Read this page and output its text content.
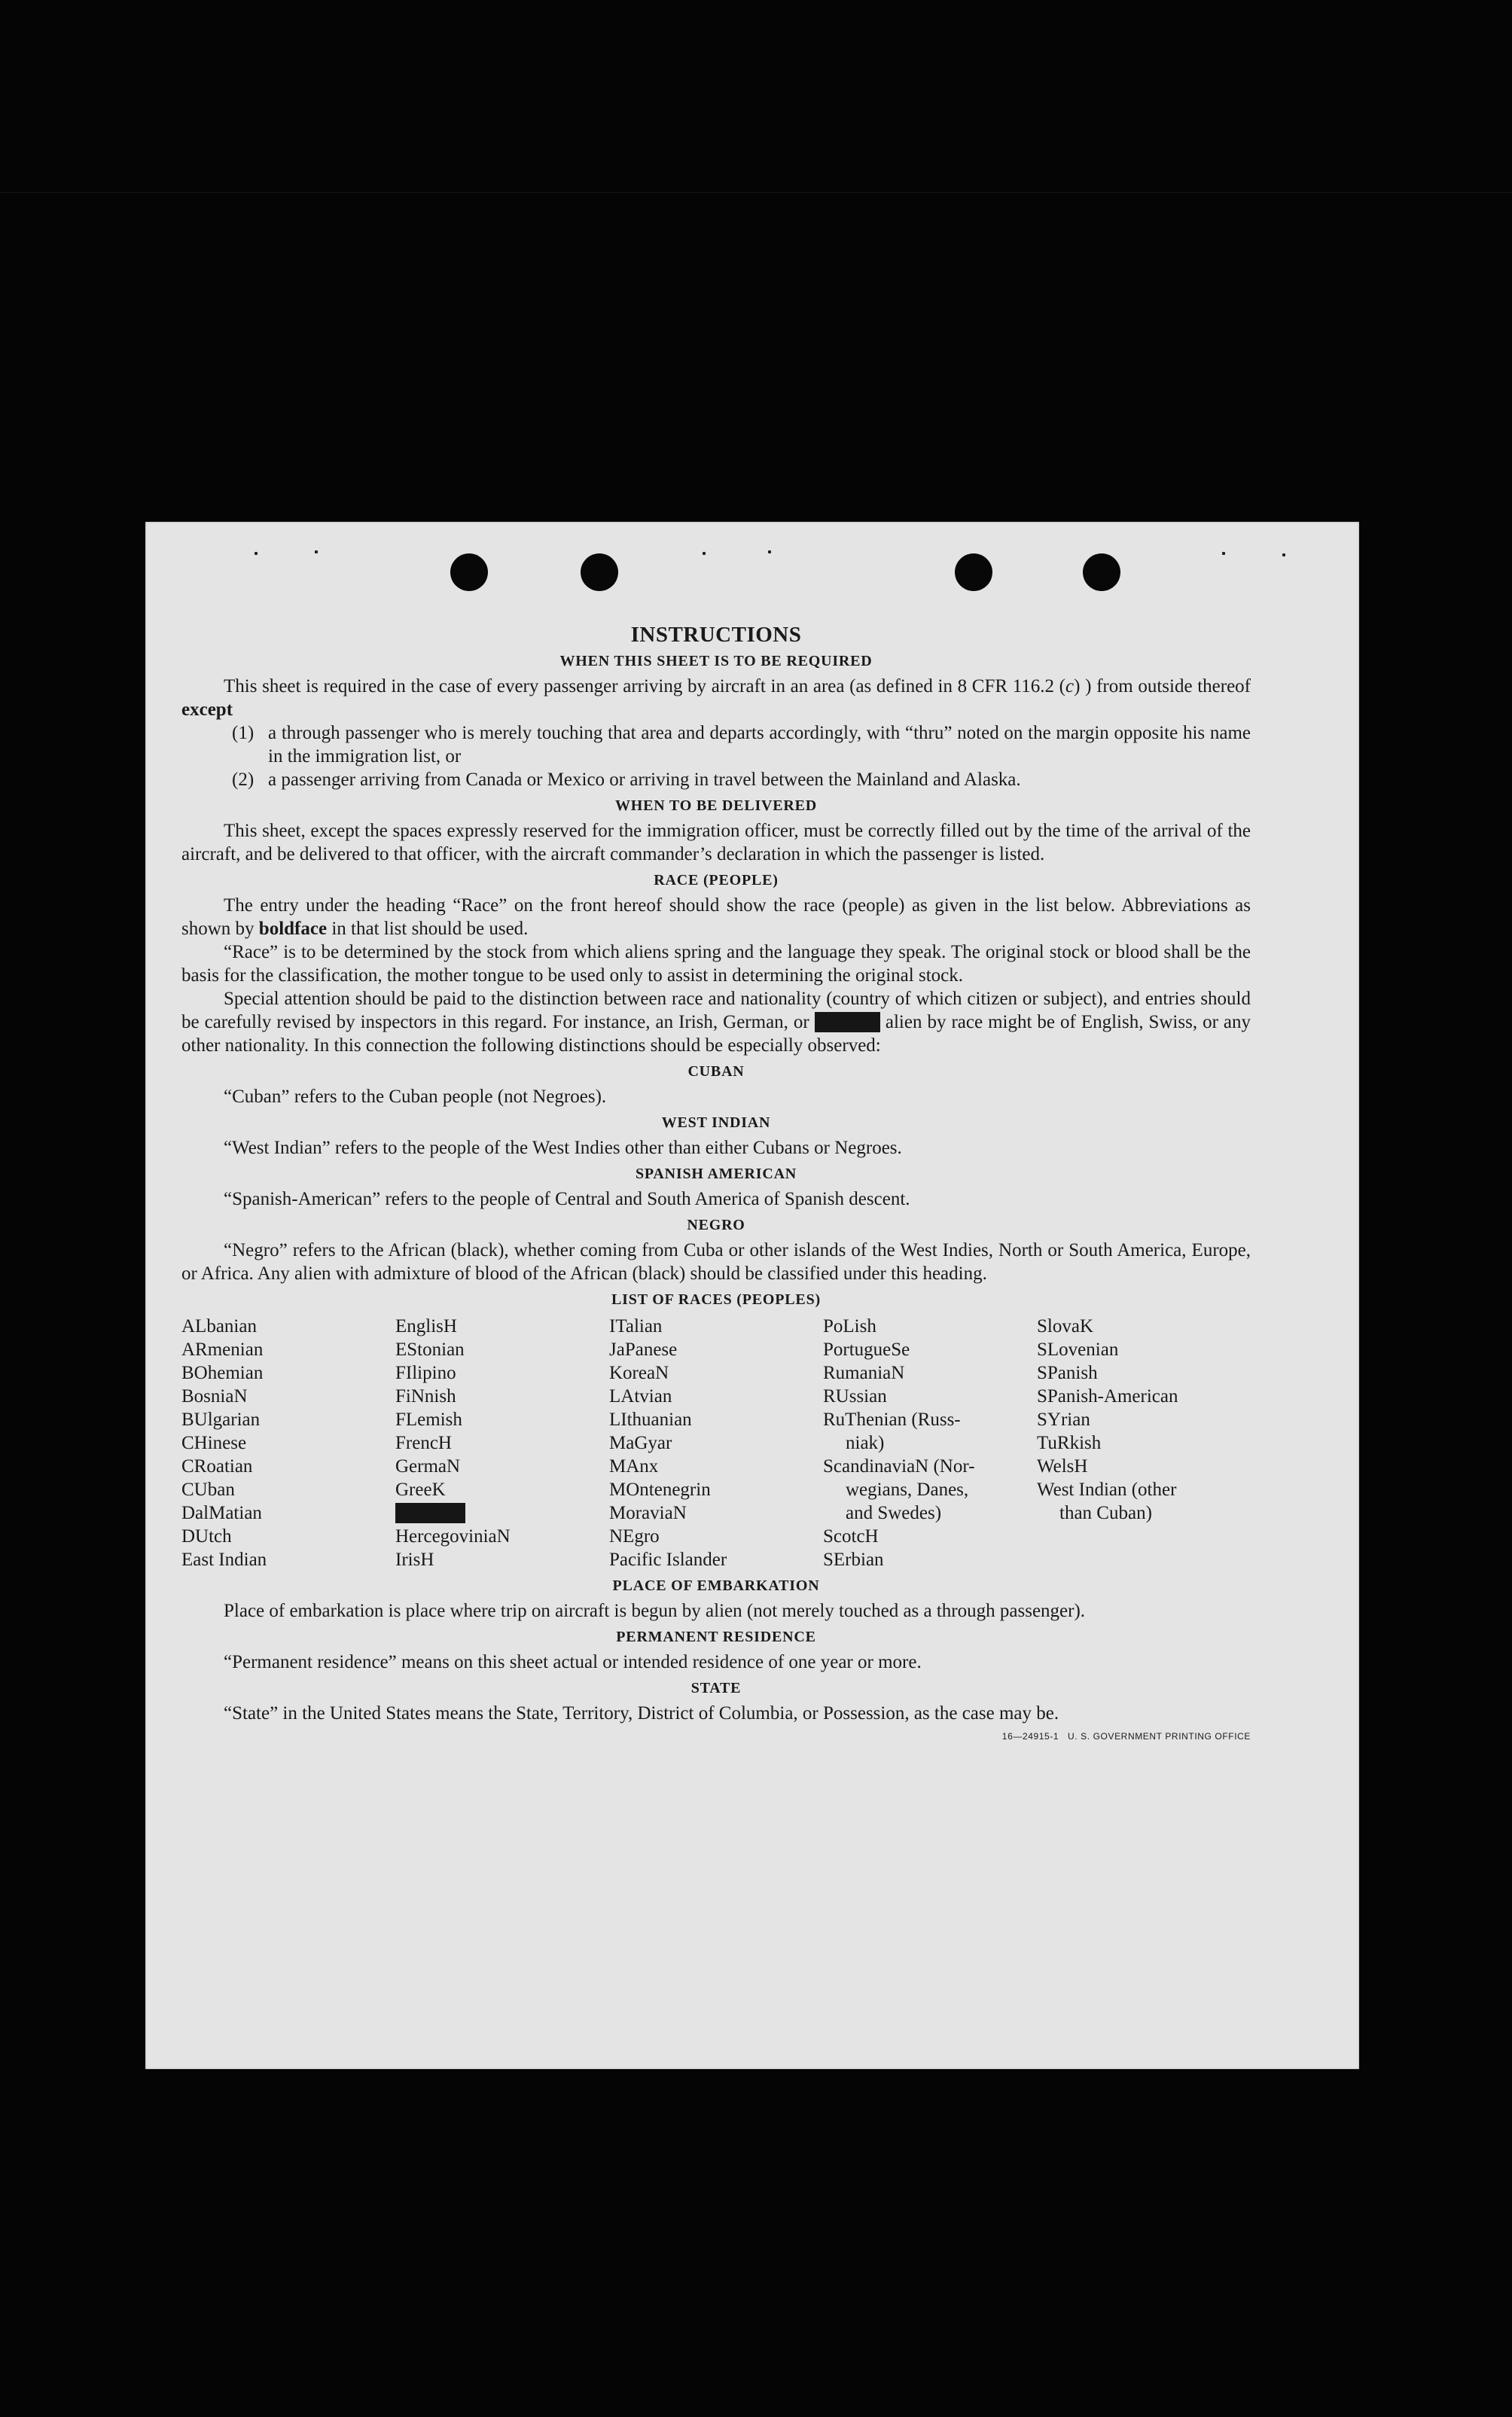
INSTRUCTIONS
WHEN THIS SHEET IS TO BE REQUIRED

This sheet is required in the case of every passenger arriving by aircraft in an area (as defined in 8 CFR 116.2 (c) ) from outside thereof except

(1) a through passenger who is merely touching that area and departs accordingly, with “thru” noted on the margin opposite his name in the immigration list, or
(2) a passenger arriving from Canada or Mexico or arriving in travel between the Mainland and Alaska.
WHEN TO BE DELIVERED

This sheet, except the spaces expressly reserved for the immigration officer, must be correctly filled out by the time of the arrival of the aircraft, and be delivered to that officer, with the aircraft commander’s declaration in which the passenger is listed.

RACE (PEOPLE)

The entry under the heading “Race” on the front hereof should show the race (people) as given in the list below. Abbreviations as shown by boldface in that list should be used.

“Race” is to be determined by the stock from which aliens spring and the language they speak. The original stock or blood shall be the basis for the classification, the mother tongue to be used only to assist in determining the original stock.

Special attention should be paid to the distinction between race and nationality (country of which citizen or subject), and entries should be carefully revised by inspectors in this regard. For instance, an Irish, German, or Hebrew alien by race might be of English, Swiss, or any other nationality. In this connection the following distinctions should be especially observed:

CUBAN

“Cuban” refers to the Cuban people (not Negroes).

WEST INDIAN

“West Indian” refers to the people of the West Indies other than either Cubans or Negroes.

SPANISH AMERICAN

“Spanish-American” refers to the people of Central and South America of Spanish descent.

NEGRO

“Negro” refers to the African (black), whether coming from Cuba or other islands of the West Indies, North or South America, Europe, or Africa. Any alien with admixture of blood of the African (black) should be classified under this heading.

LIST OF RACES (PEOPLES)
ALbanian
ARmenian
BOhemian
BosniaN
BUlgarian
CHinese
CRoatian
CUban
DalMatian
DUtch
East Indian
EnglisH
EStonian
FIlipino
FiNnish
FLemish
FrencH
GermaN
GreeK
HebreW
HercegoviniaN
IrisH
ITalian
JaPanese
KoreaN
LAtvian
LIthuanian
MaGyar
MAnx
MOntenegrin
MoraviaN
NEgro
Pacific Islander
PoLish
PortugueSe
RumaniaN
RUssian
RuThenian (Russ-
niak)
ScandinaviaN (Nor-
wegians, Danes,
and Swedes)
ScotcH
SErbian
SlovaK
SLovenian
SPanish
SPanish-American
SYrian
TuRkish
WelsH
West Indian (other
than Cuban)
PLACE OF EMBARKATION

Place of embarkation is place where trip on aircraft is begun by alien (not merely touched as a through passenger).

PERMANENT RESIDENCE

“Permanent residence” means on this sheet actual or intended residence of one year or more.

STATE

“State” in the United States means the State, Territory, District of Columbia, or Possession, as the case may be.

16—24915-1 U. S. GOVERNMENT PRINTING OFFICE
